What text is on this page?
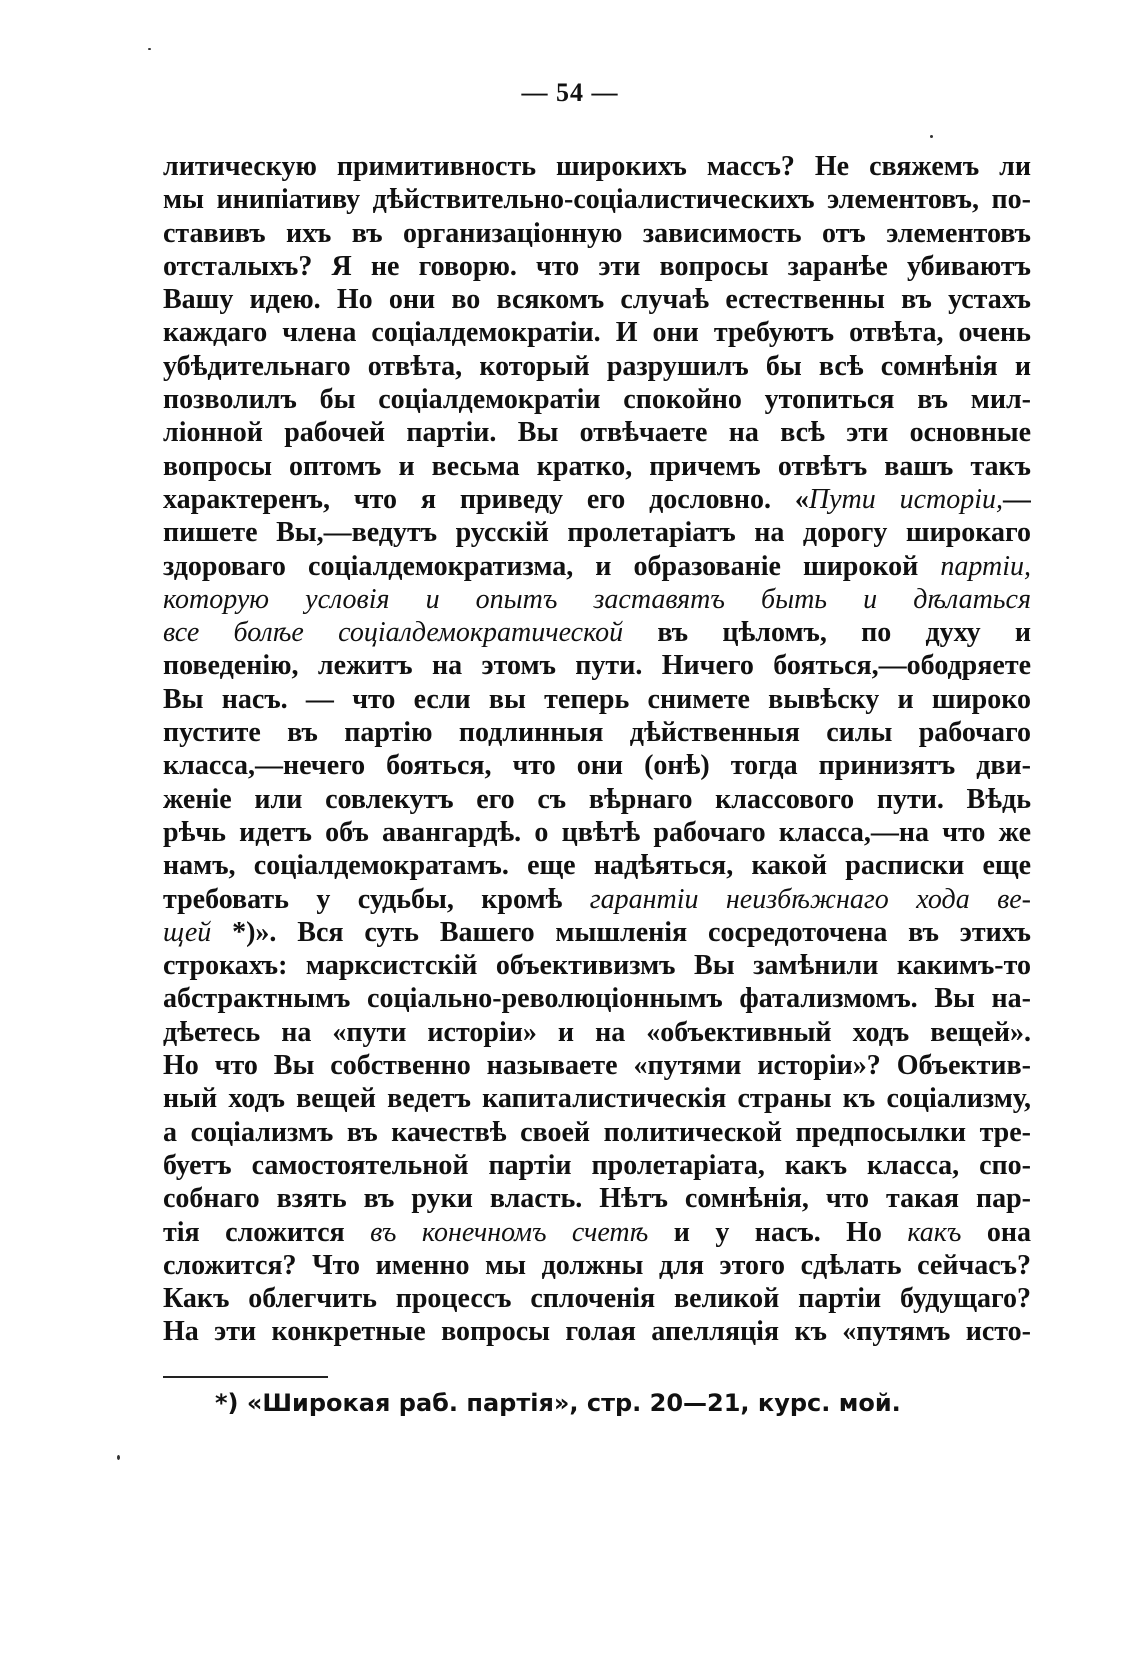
— 54 —
литическую примитивность широкихъ массъ? Не свяжемъ ли
мы инипіативу дѣйствительно-соціалистическихъ элементовъ, по-
ставивъ ихъ въ организаціонную зависимость отъ элементовъ
отсталыхъ? Я не говорю. что эти вопросы заранѣе убиваютъ
Вашу идею. Но они во всякомъ случаѣ естественны въ устахъ
каждаго члена соціалдемократіи. И они требуютъ отвѣта, очень
убѣдительнаго отвѣта, который разрушилъ бы всѣ сомнѣнія и
позволилъ бы соціалдемократіи спокойно утопиться въ мил-
ліонной рабочей партіи. Вы отвѣчаете на всѣ эти основные
вопросы оптомъ и весьма кратко, причемъ отвѣтъ вашъ такъ
характеренъ, что я приведу его дословно. «Пути исторіи,—
пишете Вы,—ведутъ русскій пролетаріатъ на дорогу широкаго
здороваго соціалдемократизма, и образованіе широкой партіи,
которую условія и опытъ заставятъ быть и дѣлаться
все болѣе соціалдемократической въ цѣломъ, по духу и
поведенію, лежитъ на этомъ пути. Ничего бояться,—ободряете
Вы насъ. — что если вы теперь снимете вывѣску и широко
пустите въ партію подлинныя дѣйственныя силы рабочаго
класса,—нечего бояться, что они (онѣ) тогда принизятъ дви-
женіе или совлекутъ его съ вѣрнаго классового пути. Вѣдь
рѣчь идетъ объ авангардѣ. о цвѣтѣ рабочаго класса,—на что же
намъ, соціалдемократамъ. еще надѣяться, какой расписки еще
требовать у судьбы, кромѣ гарантіи неизбѣжнаго хода ве-
щей *)». Вся суть Вашего мышленія сосредоточена въ этихъ
строкахъ: марксистскій объективизмъ Вы замѣнили какимъ-то
абстрактнымъ соціально-революціоннымъ фатализмомъ. Вы на-
дѣетесь на «пути исторіи» и на «объективный ходъ вещей».
Но что Вы собственно называете «путями исторіи»? Объектив-
ный ходъ вещей ведетъ капиталистическія страны къ соціализму,
а соціализмъ въ качествѣ своей политической предпосылки тре-
буетъ самостоятельной партіи пролетаріата, какъ класса, спо-
собнаго взять въ руки власть. Нѣтъ сомнѣнія, что такая пар-
тія сложится въ конечномъ счетѣ и у насъ. Но какъ она
сложится? Что именно мы должны для этого сдѣлать сейчасъ?
Какъ облегчить процессъ сплоченія великой партіи будущаго?
На эти конкретные вопросы голая апелляція къ «путямъ исто-
*) «Широкая раб. партія», стр. 20—21, курс. мой.
